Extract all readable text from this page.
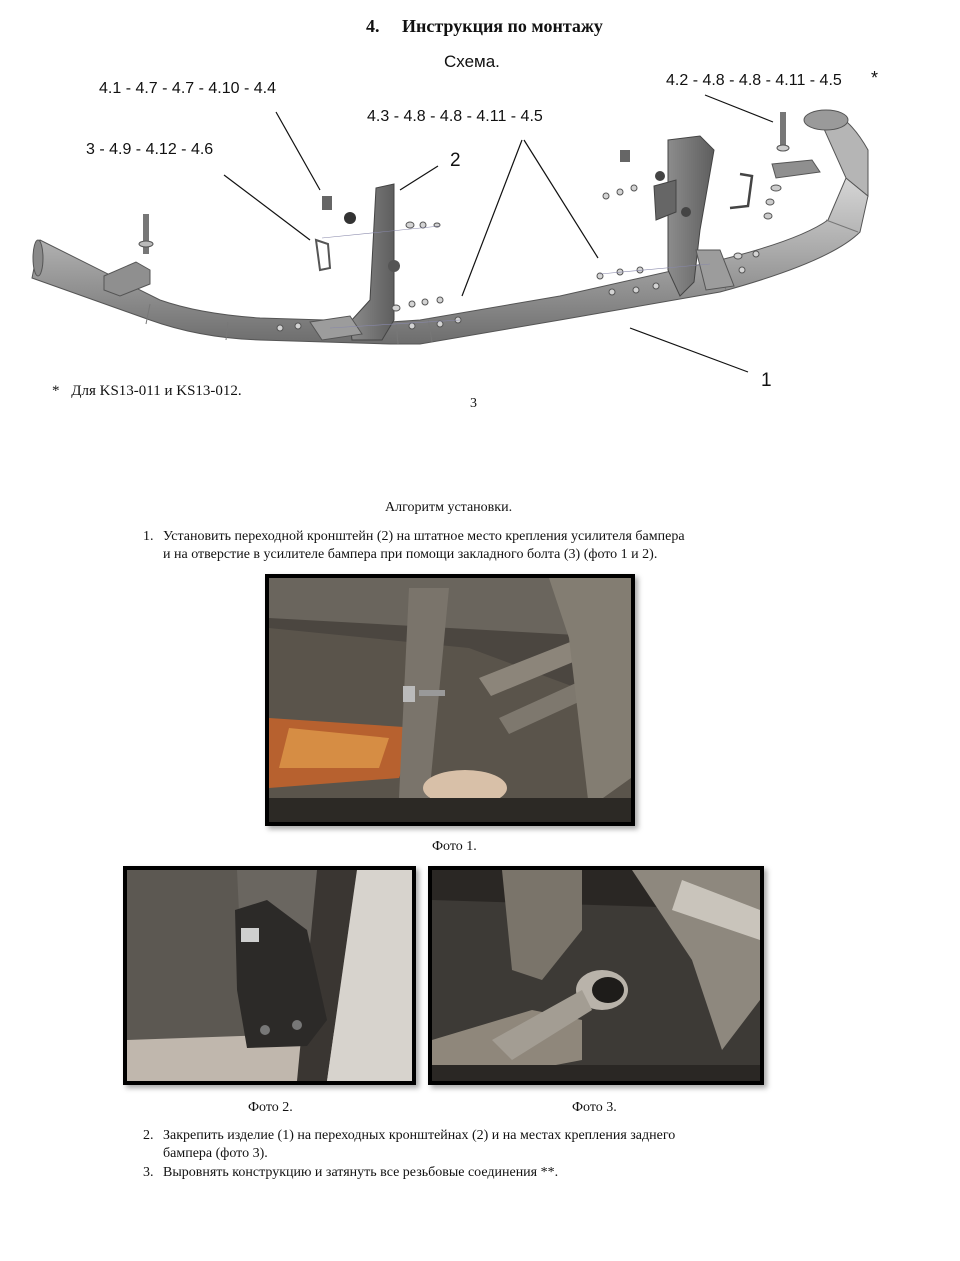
4. Инструкция по монтажу
Схема.
4.1 - 4.7 - 4.7 - 4.10 - 4.4
3 - 4.9 - 4.12 - 4.6
4.3 - 4.8 - 4.8 - 4.11 - 4.5
4.2 - 4.8 - 4.8 - 4.11 - 4.5 *
2
1
* Для KS13-011 и KS13-012.
3
Алгоритм установки.
1. Установить переходной кронштейн (2) на штатное место крепления усилителя бампера
и на отверстие в усилителе бампера при помощи закладного болта (3) (фото 1 и 2).
Фото 1.
Фото 2.	Фото 3.
2. Закрепить изделие (1) на переходных кронштейнах (2) и на местах крепления заднего
бампера (фото 3).
3. Выровнять конструкцию и затянуть все резьбовые соединения **.
